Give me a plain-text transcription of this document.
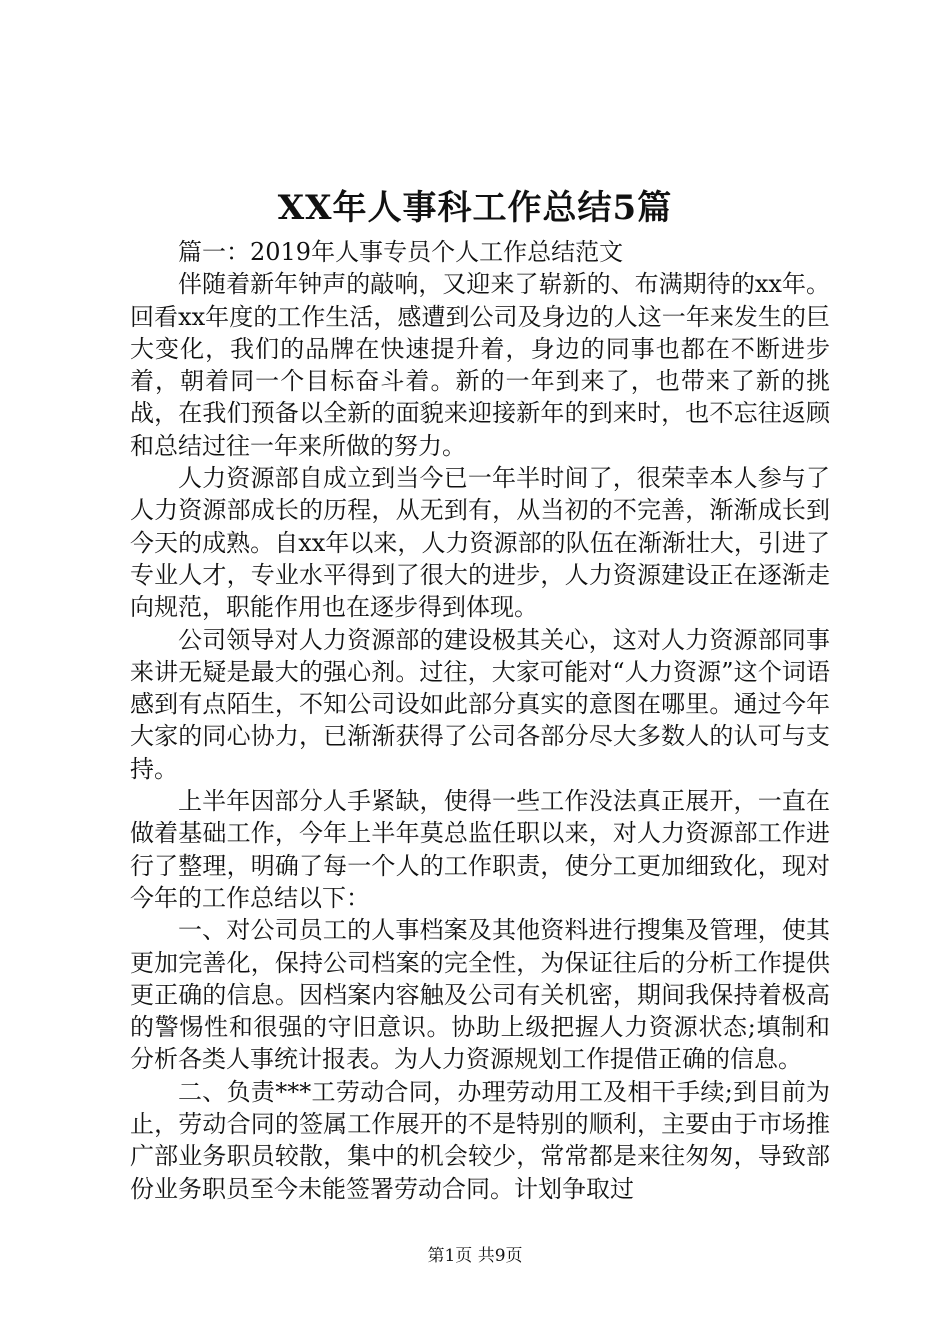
XX年人事科工作总结5篇

篇一：2019年人事专员个人工作总结范文

伴随着新年钟声的敲响，又迎来了崭新的、布满期待的xx年。回看xx年度的工作生活，感遭到公司及身边的人这一年来发生的巨大变化，我们的品牌在快速提升着，身边的同事也都在不断进步着，朝着同一个目标奋斗着。新的一年到来了，也带来了新的挑战，在我们预备以全新的面貌来迎接新年的到来时，也不忘往返顾和总结过往一年来所做的努力。

人力资源部自成立到当今已一年半时间了，很荣幸本人参与了人力资源部成长的历程，从无到有，从当初的不完善，渐渐成长到今天的成熟。自xx年以来，人力资源部的队伍在渐渐壮大，引进了专业人才，专业水平得到了很大的进步，人力资源建设正在逐渐走向规范，职能作用也在逐步得到体现。

公司领导对人力资源部的建设极其关心，这对人力资源部同事来讲无疑是最大的强心剂。过往，大家可能对“人力资源”这个词语感到有点陌生，不知公司设如此部分真实的意图在哪里。通过今年大家的同心协力，已渐渐获得了公司各部分尽大多数人的认可与支持。

上半年因部分人手紧缺，使得一些工作没法真正展开，一直在做着基础工作，今年上半年莫总监任职以来，对人力资源部工作进行了整理，明确了每一个人的工作职责，使分工更加细致化，现对今年的工作总结以下：

一、对公司员工的人事档案及其他资料进行搜集及管理，使其更加完善化，保持公司档案的完全性，为保证往后的分析工作提供更正确的信息。因档案内容触及公司有关机密，期间我保持着极高的警惕性和很强的守旧意识。协助上级把握人力资源状态;填制和分析各类人事统计报表。为人力资源规划工作提借正确的信息。

二、负责***工劳动合同，办理劳动用工及相干手续;到目前为止，劳动合同的签属工作展开的不是特别的顺利，主要由于市场推广部业务职员较散，集中的机会较少，常常都是来往匆匆，导致部份业务职员至今未能签署劳动合同。计划争取过

第1页 共9页
